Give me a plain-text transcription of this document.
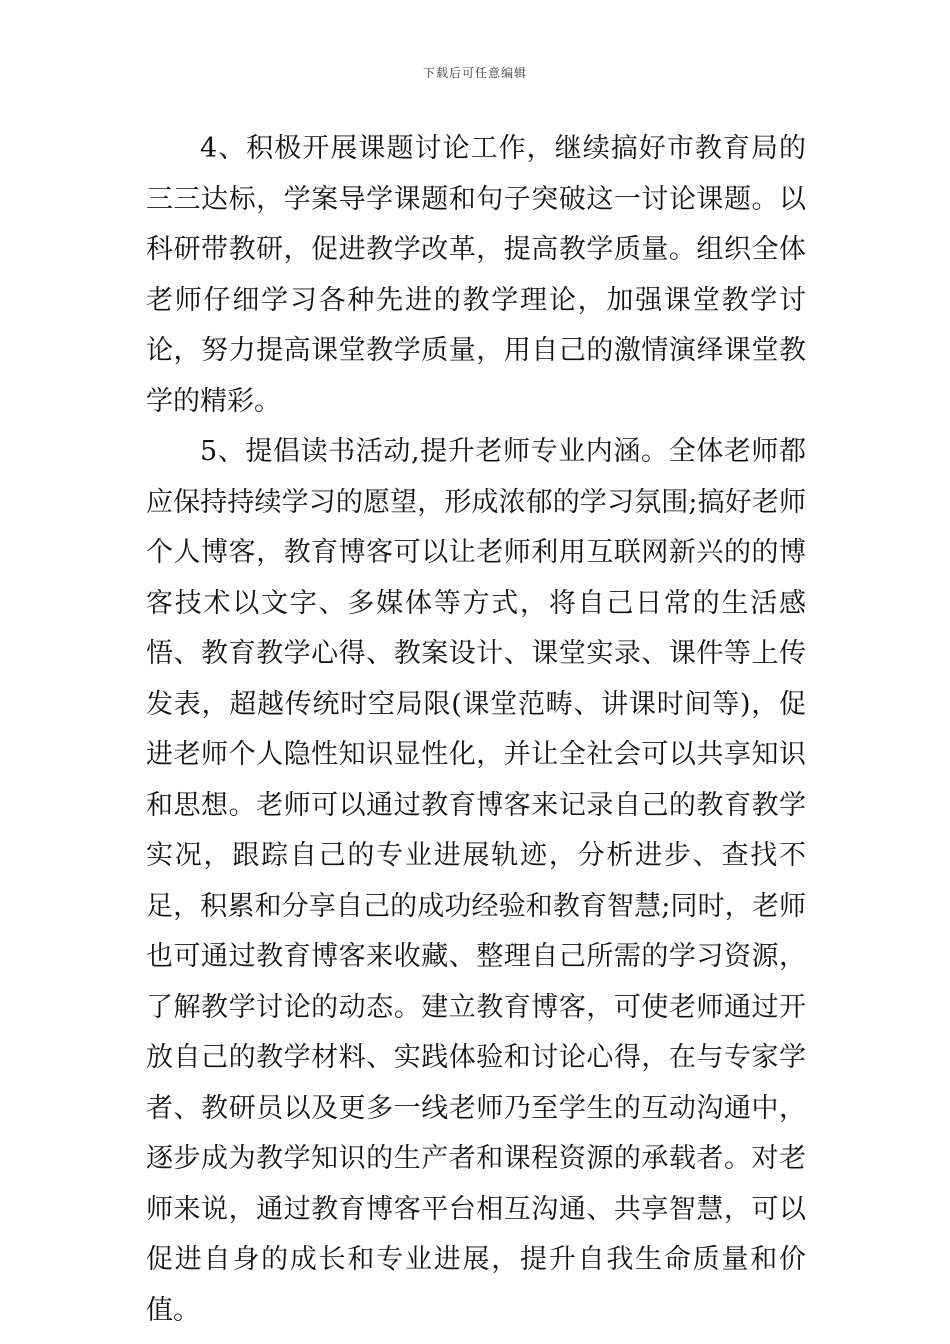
下载后可任意编辑

4、积极开展课题讨论工作，继续搞好市教育局的三三达标，学案导学课题和句子突破这一讨论课题。以科研带教研，促进教学改革，提高教学质量。组织全体老师仔细学习各种先进的教学理论，加强课堂教学讨论，努力提高课堂教学质量，用自己的激情演绎课堂教学的精彩。

5、提倡读书活动,提升老师专业内涵。全体老师都应保持持续学习的愿望，形成浓郁的学习氛围;搞好老师个人博客，教育博客可以让老师利用互联网新兴的的博客技术以文字、多媒体等方式，将自己日常的生活感悟、教育教学心得、教案设计、课堂实录、课件等上传发表，超越传统时空局限(课堂范畴、讲课时间等)，促进老师个人隐性知识显性化，并让全社会可以共享知识和思想。老师可以通过教育博客来记录自己的教育教学实况，跟踪自己的专业进展轨迹，分析进步、查找不足，积累和分享自己的成功经验和教育智慧;同时，老师也可通过教育博客来收藏、整理自己所需的学习资源，了解教学讨论的动态。建立教育博客，可使老师通过开放自己的教学材料、实践体验和讨论心得，在与专家学者、教研员以及更多一线老师乃至学生的互动沟通中，逐步成为教学知识的生产者和课程资源的承载者。对老师来说，通过教育博客平台相互沟通、共享智慧，可以促进自身的成长和专业进展，提升自我生命质量和价值。
